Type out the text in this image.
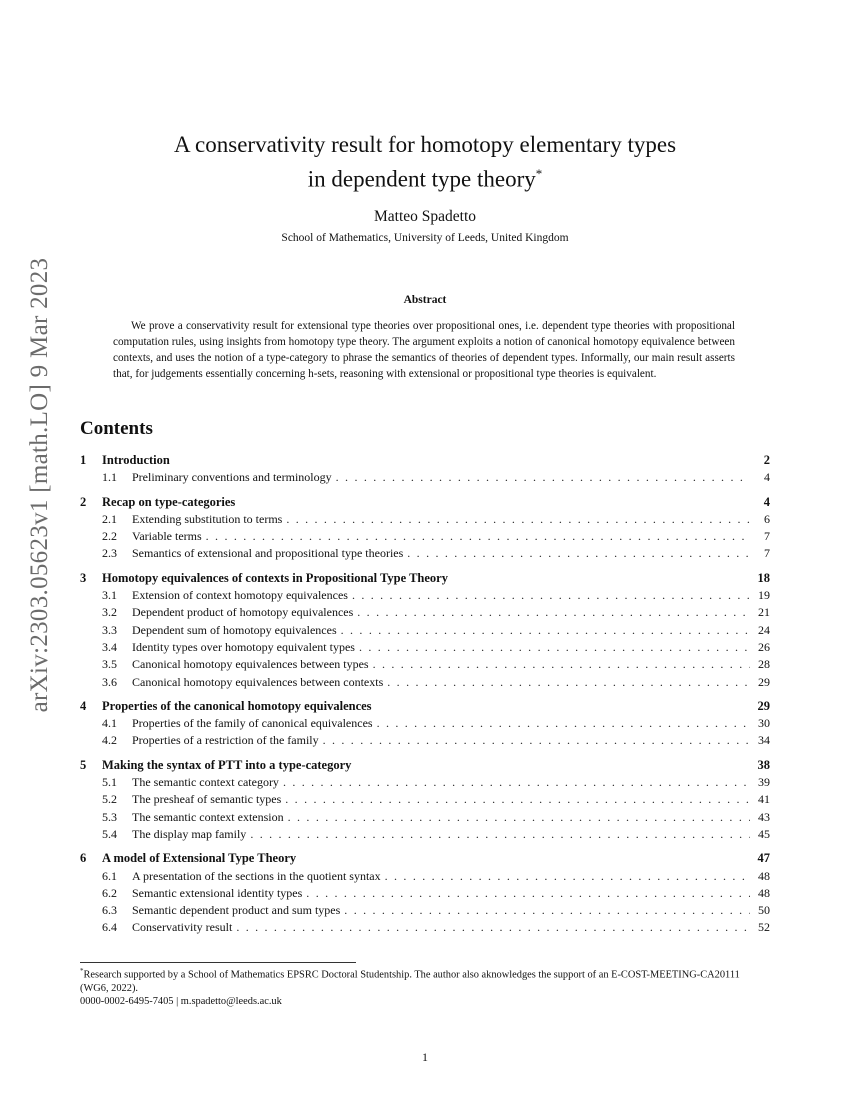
arXiv:2303.05623v1 [math.LO] 9 Mar 2023
A conservativity result for homotopy elementary types
in dependent type theory*
Matteo Spadetto
School of Mathematics, University of Leeds, United Kingdom
Abstract
We prove a conservativity result for extensional type theories over propositional ones, i.e. dependent type theories with propositional computation rules, using insights from homotopy type theory. The argument exploits a notion of canonical homotopy equivalence between contexts, and uses the notion of a type-category to phrase the semantics of theories of dependent types. Informally, our main result asserts that, for judgements essentially concerning h-sets, reasoning with extensional or propositional type theories is equivalent.
Contents
1	Introduction	2
1.1	Preliminary conventions and terminology . . .	4
2	Recap on type-categories	4
2.1	Extending substitution to terms . . .	6
2.2	Variable terms . . .	7
2.3	Semantics of extensional and propositional type theories . . .	7
3	Homotopy equivalences of contexts in Propositional Type Theory	18
3.1	Extension of context homotopy equivalences . . .	19
3.2	Dependent product of homotopy equivalences . . .	21
3.3	Dependent sum of homotopy equivalences . . .	24
3.4	Identity types over homotopy equivalent types . . .	26
3.5	Canonical homotopy equivalences between types . . .	28
3.6	Canonical homotopy equivalences between contexts . . .	29
4	Properties of the canonical homotopy equivalences	29
4.1	Properties of the family of canonical equivalences . . .	30
4.2	Properties of a restriction of the family . . .	34
5	Making the syntax of PTT into a type-category	38
5.1	The semantic context category . . .	39
5.2	The presheaf of semantic types . . .	41
5.3	The semantic context extension . . .	43
5.4	The display map family . . .	45
6	A model of Extensional Type Theory	47
6.1	A presentation of the sections in the quotient syntax . . .	48
6.2	Semantic extensional identity types . . .	48
6.3	Semantic dependent product and sum types . . .	50
6.4	Conservativity result . . .	52
*Research supported by a School of Mathematics EPSRC Doctoral Studentship. The author also aknowledges the support of an E-COST-MEETING-CA20111 (WG6, 2022).
0000-0002-6495-7405 | m.spadetto@leeds.ac.uk
1
